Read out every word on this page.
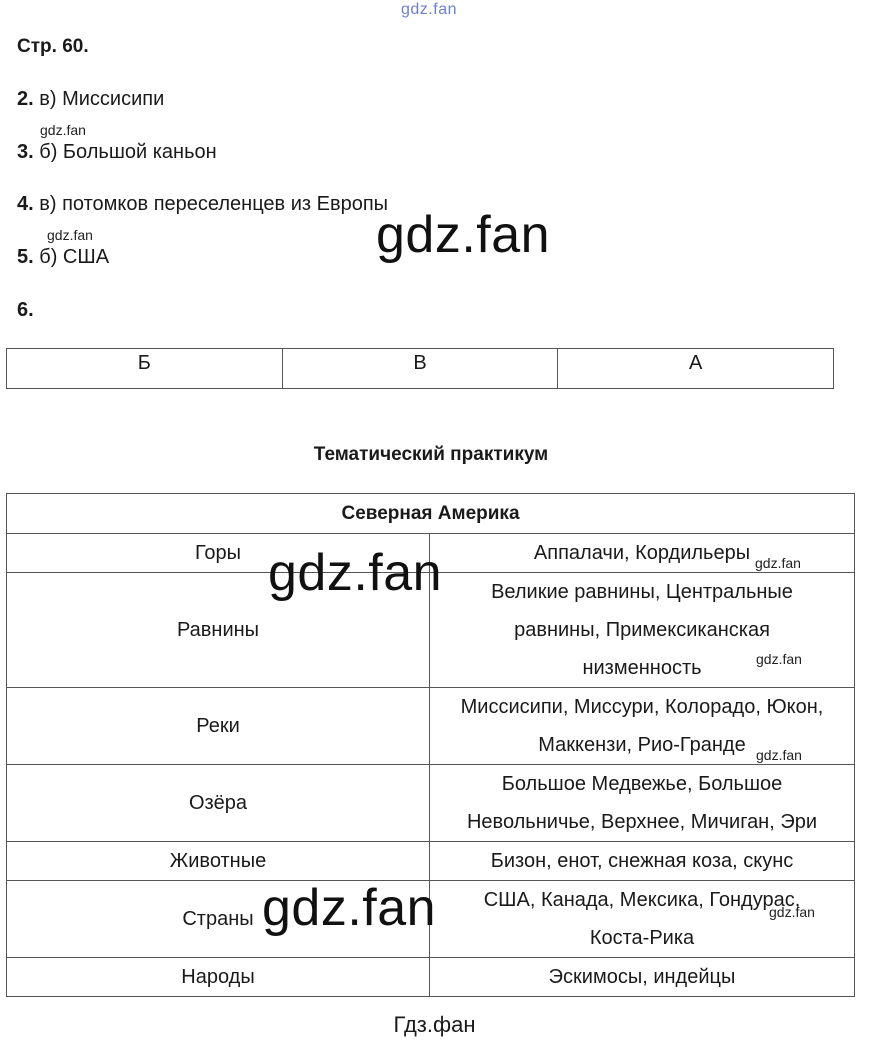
gdz.fan
Стр. 60.
2. в) Миссисипи
gdz.fan
3. б) Большой каньон
4. в) потомков переселенцев из Европы
gdz.fan
5. б) США
6.
Б	В	А
Тематический практикум
Северная Америка	
Горы	Аппалачи, Кордильеры
Равнины	Великие равнины, Центральные
равнины, Примексиканская
низменность
Реки	Миссисипи, Миссури, Колорадо, Юкон,
Маккензи, Рио-Гранде
Озёра	Большое Медвежье, Большое
Невольничье, Верхнее, Мичиган, Эри
Животные	Бизон, енот, снежная коза, скунс
Страны	США, Канада, Мексика, Гондурас,
Коста-Рика
Народы	Эскимосы, индейцы
gdz.fan
gdz.fan
gdz.fan
gdz.fan
gdz.fan
gdz.fan
gdz.fan
Гдз.фан
